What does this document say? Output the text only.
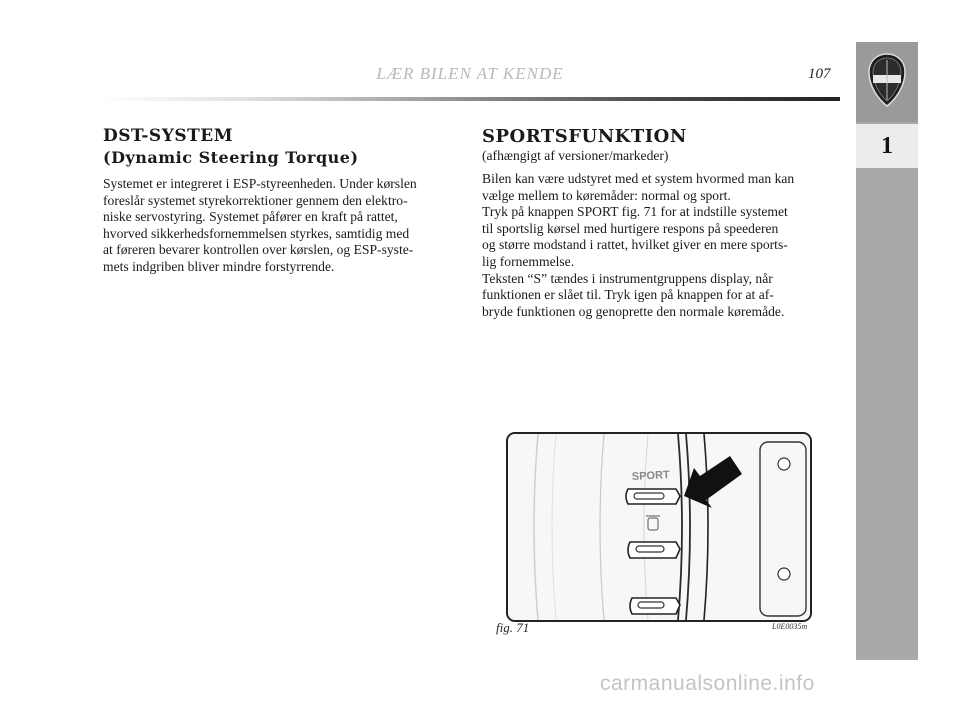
LÆR BILEN AT KENDE	107
1
DST-SYSTEM
(Dynamic Steering Torque)

Systemet er integreret i ESP-styreenheden. Under kørslen
foreslår systemet styrekorrektioner gennem den elektro-
niske servostyring. Systemet påfører en kraft på rattet,
hvorved sikkerhedsfornemmelsen styrkes, samtidig med
at føreren bevarer kontrollen over kørslen, og ESP-syste-
mets indgriben bliver mindre forstyrrende.

SPORTSFUNKTION
(afhængigt af versioner/markeder)

Bilen kan være udstyret med et system hvormed man kan
vælge mellem to køremåder: normal og sport.
Tryk på knappen SPORT fig. 71 for at indstille systemet
til sportslig kørsel med hurtigere respons på speederen
og større modstand i rattet, hvilket giver en mere sports-
lig fornemmelse.
Teksten “S” tændes i instrumentgruppens display, når
funktionen er slået til. Tryk igen på knappen for at af-
bryde funktionen og genoprette den normale køremåde.

SPORT
fig. 71	L0E0035m
carmanualsonline.info
